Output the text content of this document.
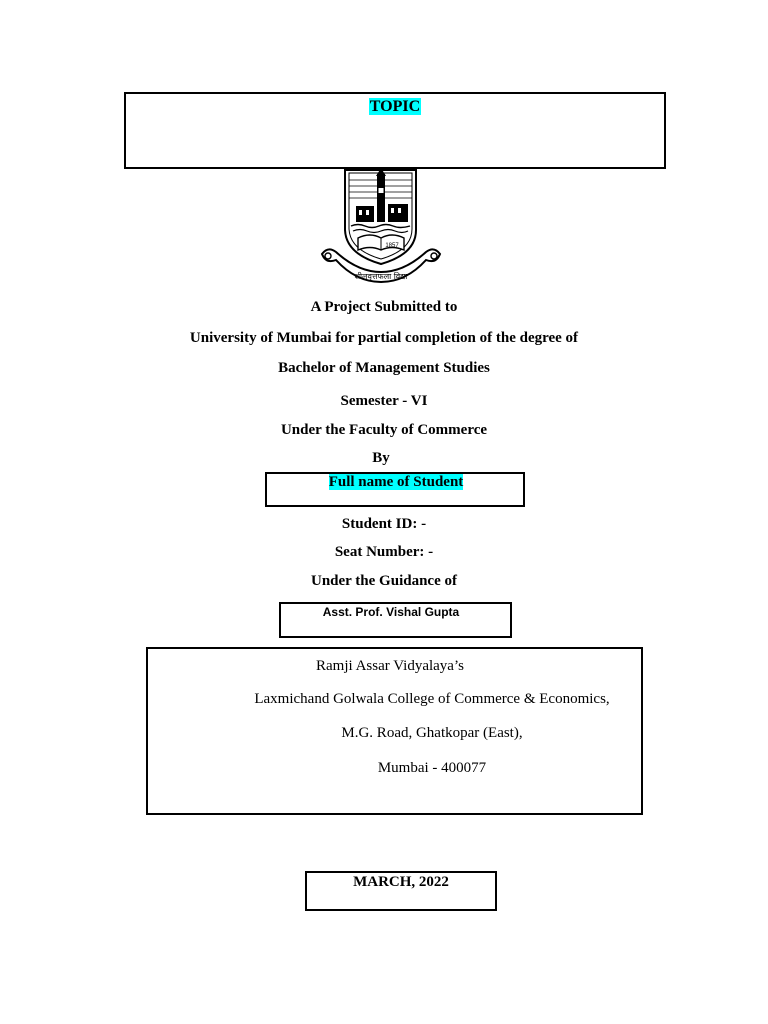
TOPIC
1857
शीलवृत्तफला विद्या
A Project Submitted to
University of Mumbai for partial completion of the degree of
Bachelor of Management Studies
Semester - VI
Under the Faculty of Commerce
By
Full name of Student
Student ID: -
Seat Number: -
Under the Guidance of
Asst. Prof. Vishal Gupta
Ramji Assar Vidyalaya’s
Laxmichand Golwala College of Commerce & Economics,
M.G. Road, Ghatkopar (East),
Mumbai - 400077
MARCH, 2022
